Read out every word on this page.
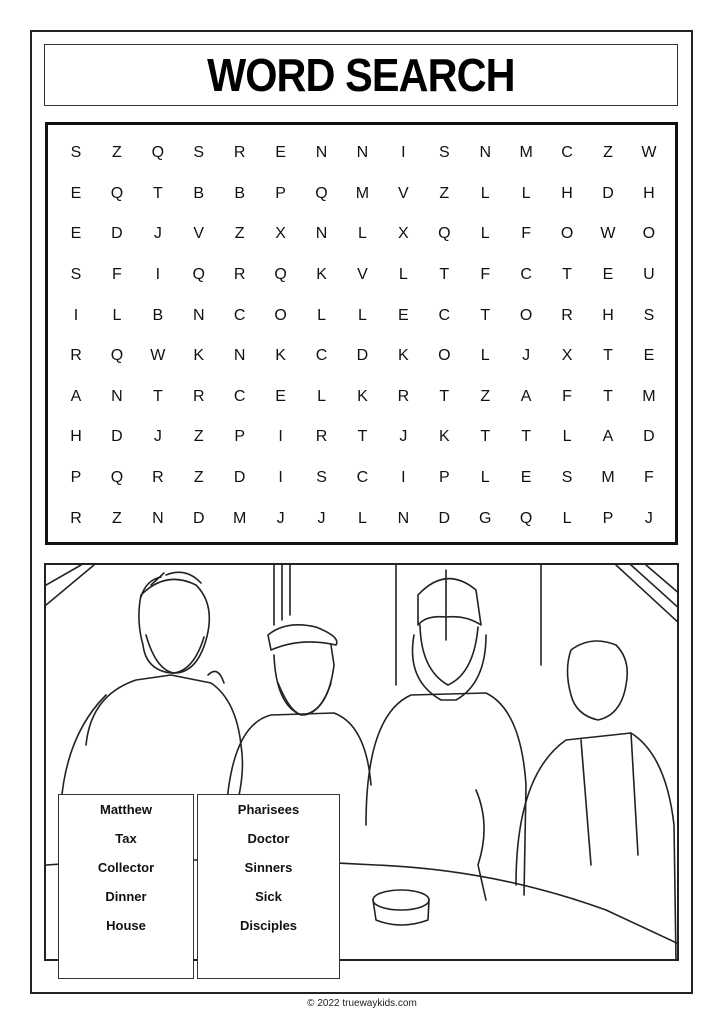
WORD SEARCH
S	Z	Q S R E N N	I	S N M C	Z	W
E Q	T	B B P Q M V	Z	L	L	H D H
E D	J	V	Z	X N	L	X Q	L	F	O W O
S	F	I	Q R Q K V	L	T	F	C	T	E U
I	L	B N C O	L	L	E C	T	O R H S
R Q W K N K C D K O	L	J	X	T	E
A N	T	R C E	L	K R	T	Z	A	F	T	M
H D	J	Z	P	I	R	T	J	K	T	T	L	A D
P Q R	Z	D	I	S C	I	P	L	E S M	F
R	Z	N D M	J	J	L	N D G Q	L	P	J
Matthew
Tax
Collector
Dinner
House
Pharisees
Doctor
Sinners
Sick
Disciples
© 2022 truewaykids.com
